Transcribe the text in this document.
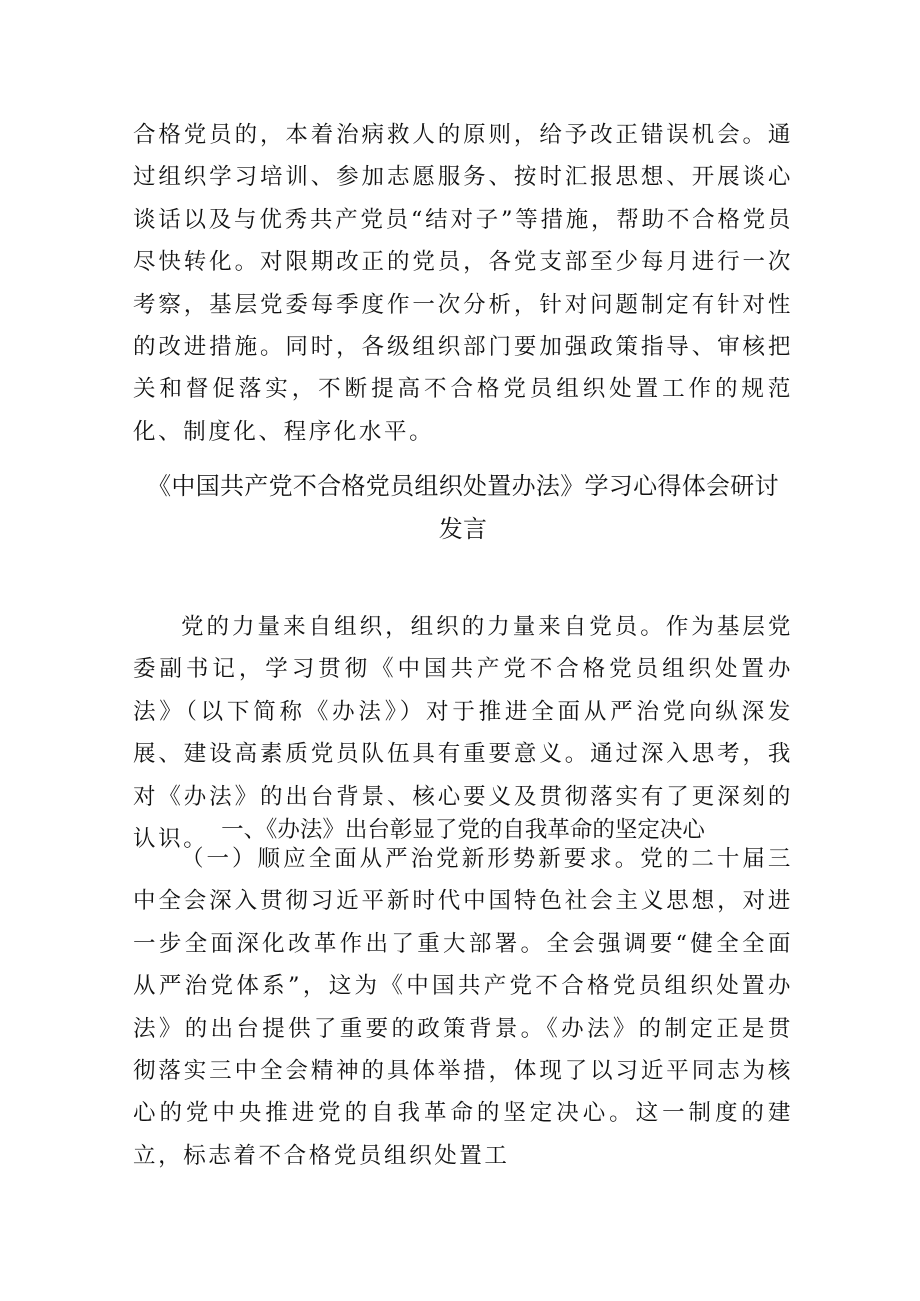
合格党员的，本着治病救人的原则，给予改正错误机会。通过组织学习培训、参加志愿服务、按时汇报思想、开展谈心谈话以及与优秀共产党员“结对子”等措施，帮助不合格党员尽快转化。对限期改正的党员，各党支部至少每月进行一次考察，基层党委每季度作一次分析，针对问题制定有针对性的改进措施。同时，各级组织部门要加强政策指导、审核把关和督促落实，不断提高不合格党员组织处置工作的规范化、制度化、程序化水平。

《中国共产党不合格党员组织处置办法》学习心得体会研讨
发言

党的力量来自组织，组织的力量来自党员。作为基层党委副书记，学习贯彻《中国共产党不合格党员组织处置办法》（以下简称《办法》）对于推进全面从严治党向纵深发展、建设高素质党员队伍具有重要意义。通过深入思考，我对《办法》的出台背景、核心要义及贯彻落实有了更深刻的认识。 一、《办法》出台彰显了党的自我革命的坚定决心

（一）顺应全面从严治党新形势新要求。党的二十届三中全会深入贯彻习近平新时代中国特色社会主义思想，对进一步全面深化改革作出了重大部署。全会强调要“健全全面从严治党体系”，这为《中国共产党不合格党员组织处置办法》的出台提供了重要的政策背景。《办法》的制定正是贯彻落实三中全会精神的具体举措，体现了以习近平同志为核心的党中央推进党的自我革命的坚定决心。这一制度的建立，标志着不合格党员组织处置工
